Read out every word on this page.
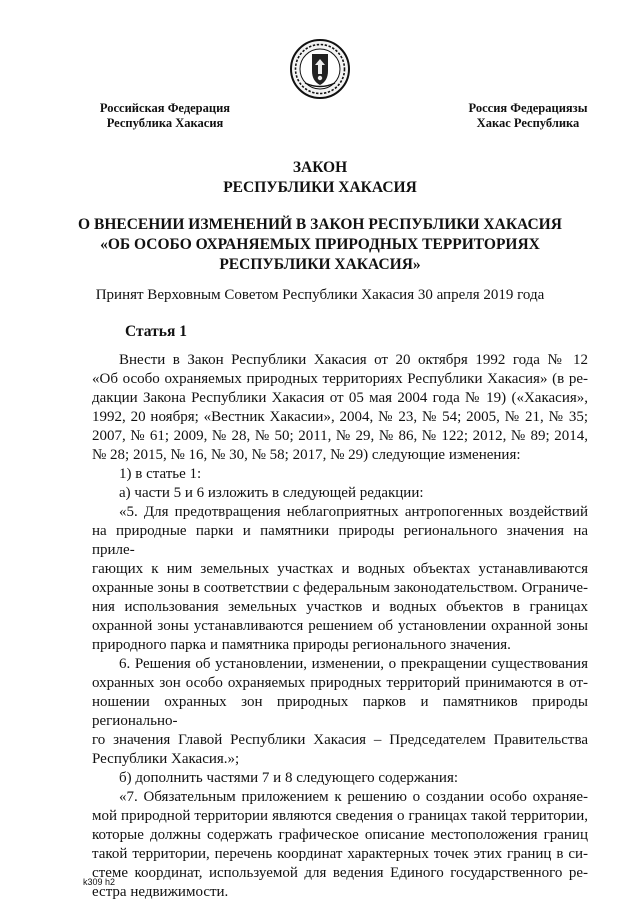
Российская Федерация
Республика Хакасия
Россия Федерациязы
Хакас Республика
ЗАКОН
РЕСПУБЛИКИ ХАКАСИЯ
О ВНЕСЕНИИ ИЗМЕНЕНИЙ В ЗАКОН РЕСПУБЛИКИ ХАКАСИЯ
«ОБ ОСОБО ОХРАНЯЕМЫХ ПРИРОДНЫХ ТЕРРИТОРИЯХ
РЕСПУБЛИКИ ХАКАСИЯ»
Принят Верховным Советом Республики Хакасия 30 апреля 2019 года
Статья 1

Внести в Закон Республики Хакасия от 20 октября 1992 года № 12

«Об особо охраняемых природных территориях Республики Хакасия» (в ре-

дакции Закона Республики Хакасия от 05 мая 2004 года № 19) («Хакасия»,

1992, 20 ноября; «Вестник Хакасии», 2004, № 23, № 54; 2005, № 21, № 35;

2007, № 61; 2009, № 28, № 50; 2011, № 29, № 86, № 122; 2012, № 89; 2014,

№ 28; 2015, № 16, № 30, № 58; 2017, № 29) следующие изменения:

1) в статье 1:

а) части 5 и 6 изложить в следующей редакции:

«5. Для предотвращения неблагоприятных антропогенных воздействий

на природные парки и памятники природы регионального значения на приле-

гающих к ним земельных участках и водных объектах устанавливаются

охранные зоны в соответствии с федеральным законодательством. Ограниче-

ния использования земельных участков и водных объектов в границах

охранной зоны устанавливаются решением об установлении охранной зоны

природного парка и памятника природы регионального значения.

6. Решения об установлении, изменении, о прекращении существования

охранных зон особо охраняемых природных территорий принимаются в от-

ношении охранных зон природных парков и памятников природы регионально-

го значения Главой Республики Хакасия – Председателем Правительства

Республики Хакасия.»;

б) дополнить частями 7 и 8 следующего содержания:

«7. Обязательным приложением к решению о создании особо охраняе-

мой природной территории являются сведения о границах такой территории,

которые должны содержать графическое описание местоположения границ

такой территории, перечень координат характерных точек этих границ в си-

стеме координат, используемой для ведения Единого государственного ре-

естра недвижимости.

k309 h2
